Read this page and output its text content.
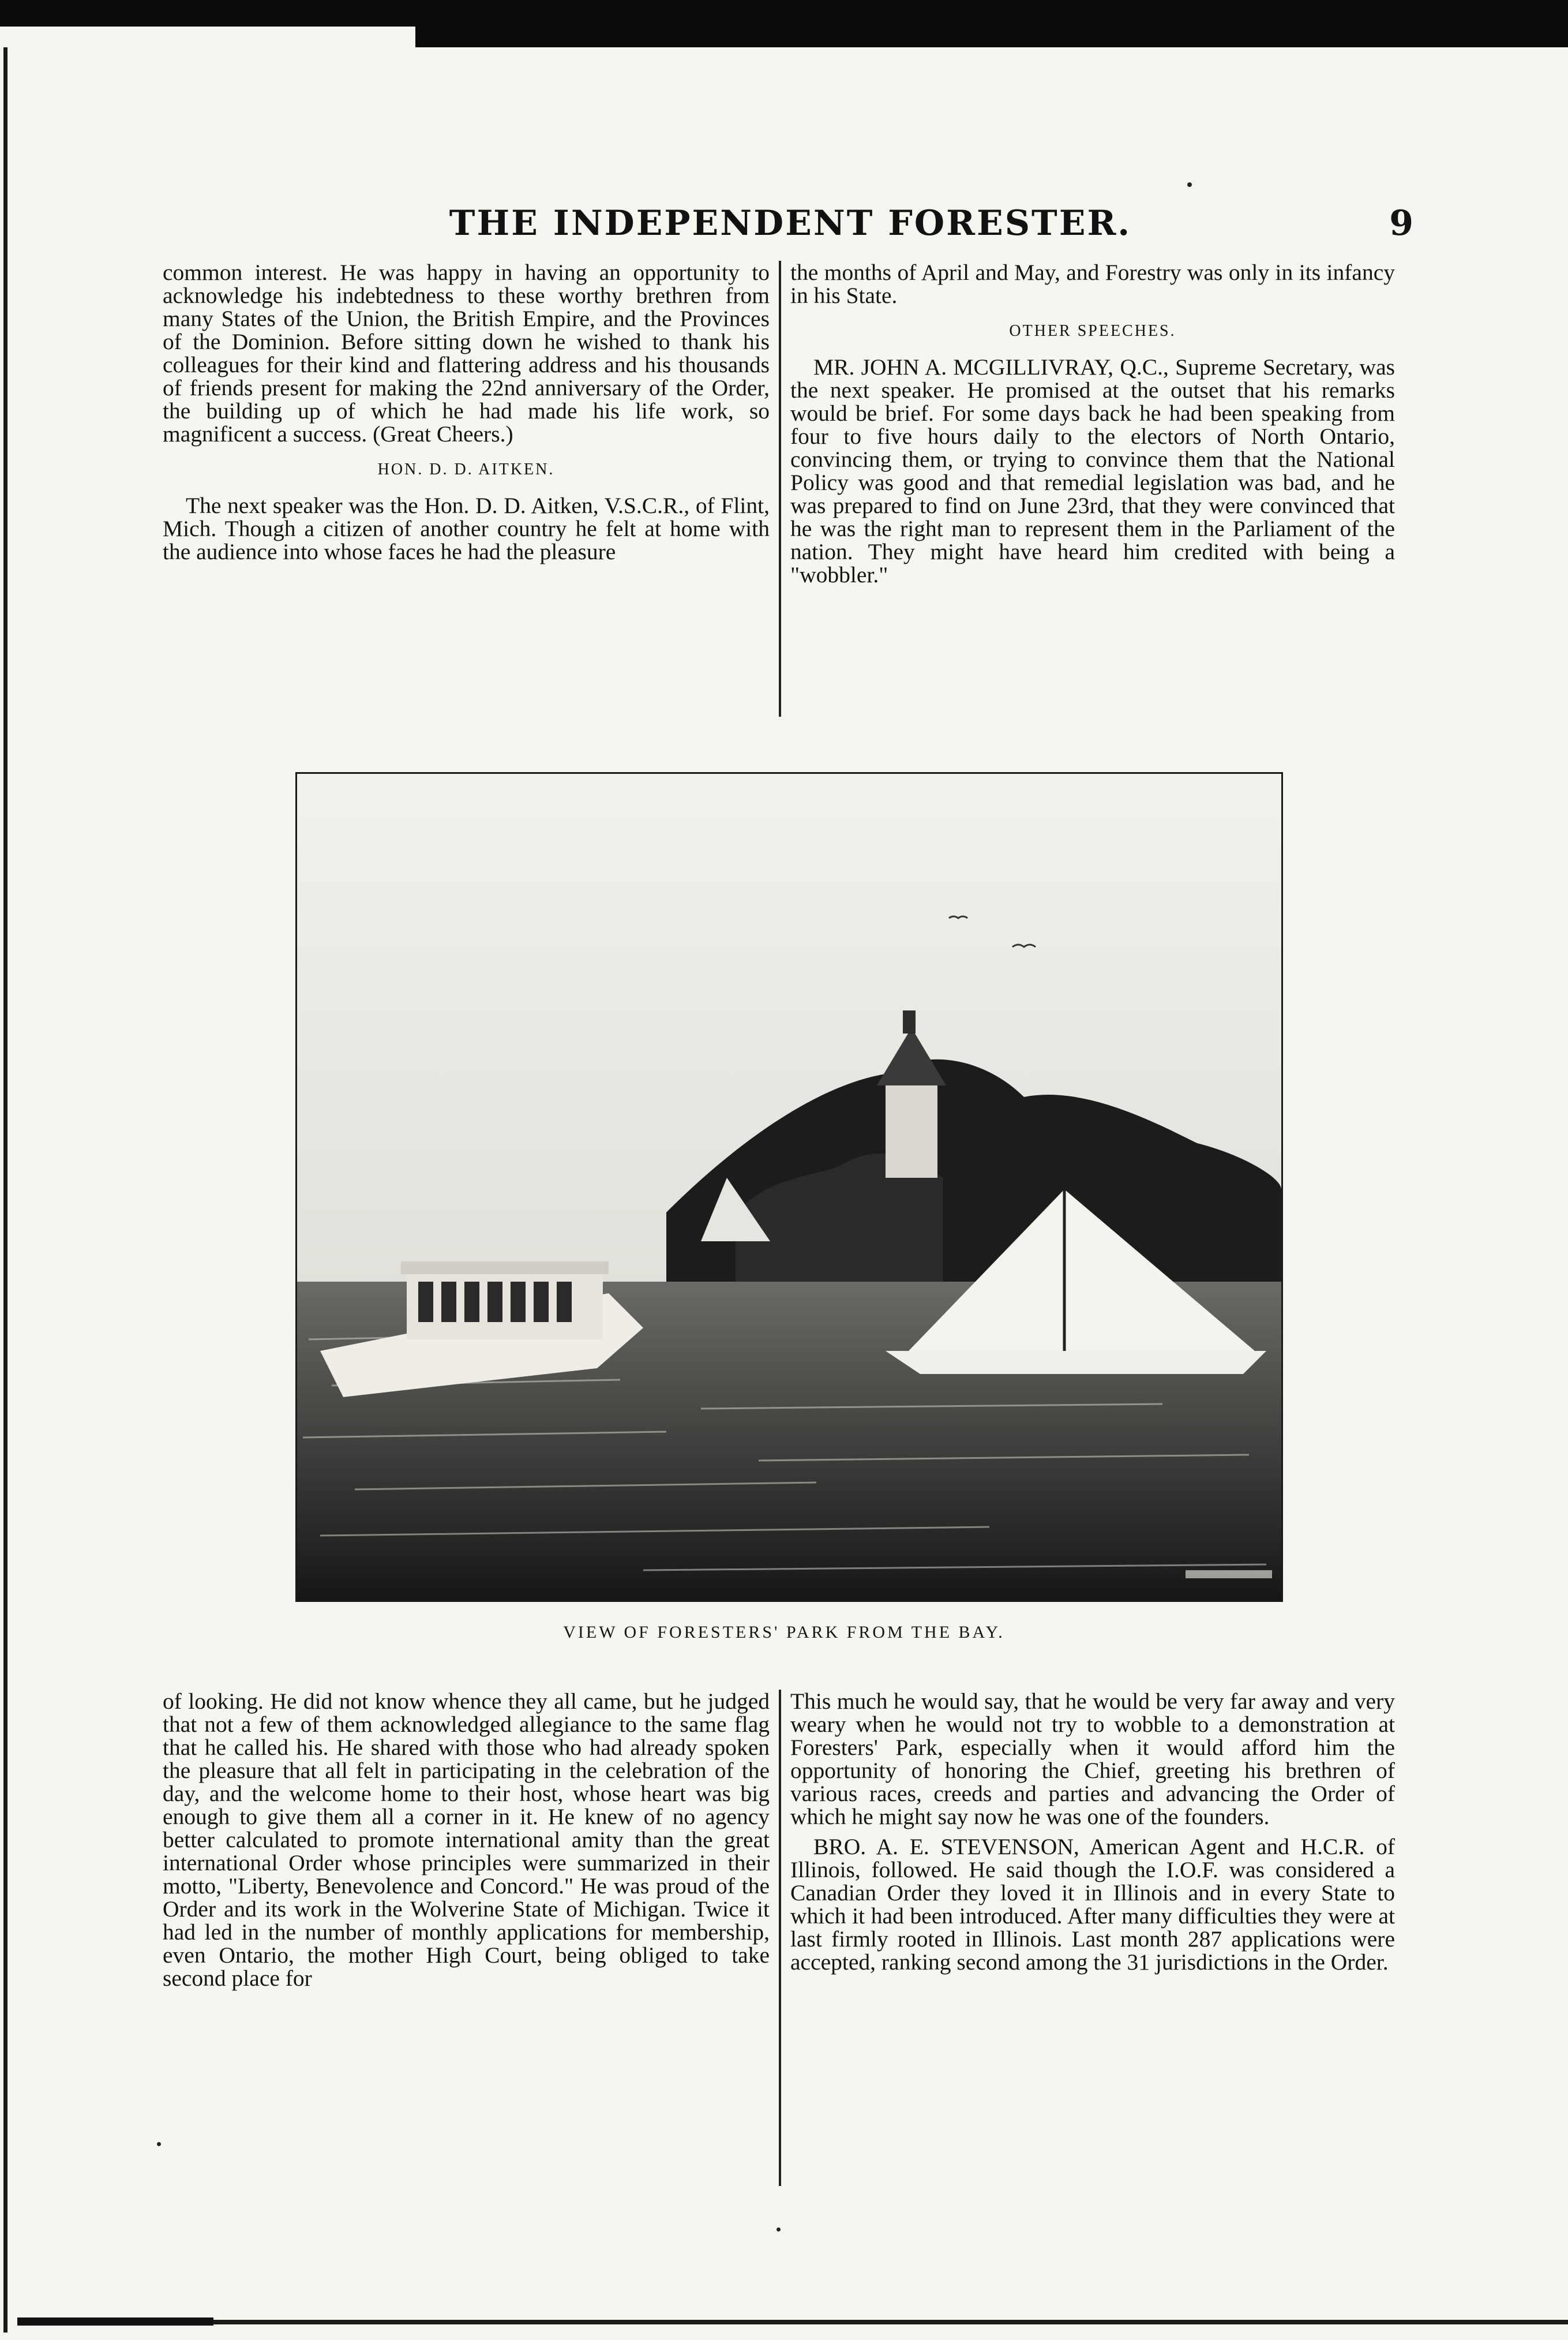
THE INDEPENDENT FORESTER.	9

common interest. He was happy in having an opportunity to acknowledge his indebtedness to these worthy brethren from many States of the Union, the British Empire, and the Provinces of the Dominion. Before sitting down he wished to thank his colleagues for their kind and flattering address and his thousands of friends present for making the 22nd anniversary of the Order, the building up of which he had made his life work, so magnificent a success. (Great Cheers.)

HON. D. D. AITKEN.

The next speaker was the Hon. D. D. Aitken, V.S.C.R., of Flint, Mich. Though a citizen of another country he felt at home with the audience into whose faces he had the pleasure

the months of April and May, and Forestry was only in its infancy in his State.

OTHER SPEECHES.

MR. JOHN A. MCGILLIVRAY, Q.C., Supreme Secretary, was the next speaker. He promised at the outset that his remarks would be brief. For some days back he had been speaking from four to five hours daily to the electors of North Ontario, convincing them, or trying to convince them that the National Policy was good and that remedial legislation was bad, and he was prepared to find on June 23rd, that they were convinced that he was the right man to represent them in the Parliament of the nation. They might have heard him credited with being a "wobbler."

VIEW OF FORESTERS' PARK FROM THE BAY.

of looking. He did not know whence they all came, but he judged that not a few of them acknowledged allegiance to the same flag that he called his. He shared with those who had already spoken the pleasure that all felt in participating in the celebration of the day, and the welcome home to their host, whose heart was big enough to give them all a corner in it. He knew of no agency better calculated to promote international amity than the great international Order whose principles were summarized in their motto, "Liberty, Benevolence and Concord." He was proud of the Order and its work in the Wolverine State of Michigan. Twice it had led in the number of monthly applications for membership, even Ontario, the mother High Court, being obliged to take second place for

This much he would say, that he would be very far away and very weary when he would not try to wobble to a demonstration at Foresters' Park, especially when it would afford him the opportunity of honoring the Chief, greeting his brethren of various races, creeds and parties and advancing the Order of which he might say now he was one of the founders.

BRO. A. E. STEVENSON, American Agent and H.C.R. of Illinois, followed. He said though the I.O.F. was considered a Canadian Order they loved it in Illinois and in every State to which it had been introduced. After many difficulties they were at last firmly rooted in Illinois. Last month 287 applications were accepted, ranking second among the 31 jurisdictions in the Order.
